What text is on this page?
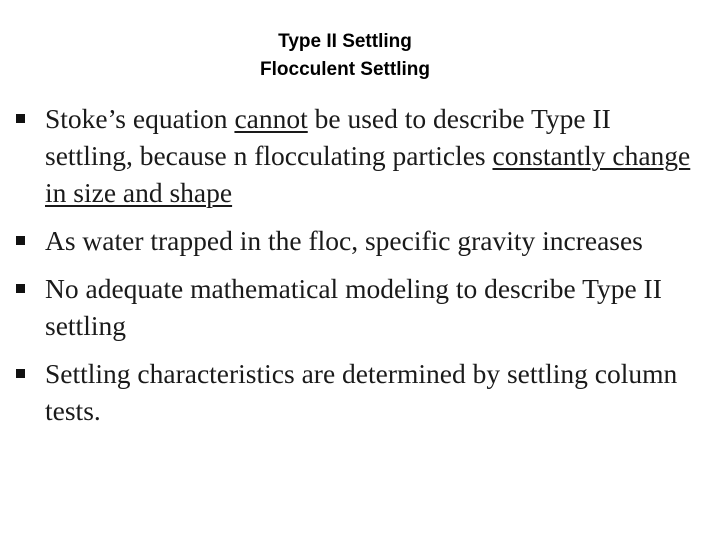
Type II Settling
Flocculent Settling
Stoke’s equation cannot be used to describe Type II settling, because n flocculating particles constantly change in size and shape
As water trapped in the floc, specific gravity increases
No adequate mathematical modeling to describe Type II settling
Settling characteristics are determined by settling column tests.
